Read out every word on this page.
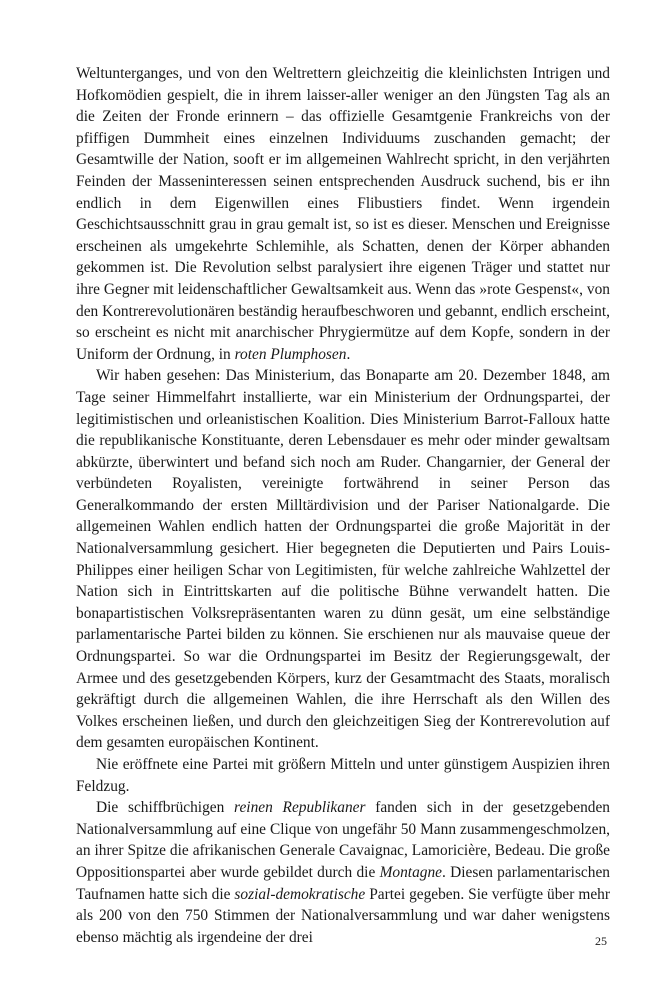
Weltunterganges, und von den Weltrettern gleichzeitig die kleinlichsten Intrigen und Hofkomödien gespielt, die in ihrem laisser-aller weniger an den Jüngsten Tag als an die Zeiten der Fronde erinnern – das offizielle Gesamtgenie Frankreichs von der pfiffigen Dummheit eines einzelnen Individuums zuschanden gemacht; der Gesamtwille der Nation, sooft er im allgemeinen Wahlrecht spricht, in den verjährten Feinden der Masseninteressen seinen entsprechenden Ausdruck suchend, bis er ihn endlich in dem Eigenwillen eines Flibustiers findet. Wenn irgendein Geschichtsausschnitt grau in grau gemalt ist, so ist es dieser. Menschen und Ereignisse erscheinen als umgekehrte Schlemihle, als Schatten, denen der Körper abhanden gekommen ist. Die Revolution selbst paralysiert ihre eigenen Träger und stattet nur ihre Gegner mit leidenschaftlicher Gewaltsamkeit aus. Wenn das »rote Gespenst«, von den Kontrerevolutionären beständig heraufbeschworen und gebannt, endlich erscheint, so erscheint es nicht mit anarchischer Phrygiermütze auf dem Kopfe, sondern in der Uniform der Ordnung, in roten Plumphosen.

Wir haben gesehen: Das Ministerium, das Bonaparte am 20. Dezember 1848, am Tage seiner Himmelfahrt installierte, war ein Ministerium der Ordnungspartei, der legitimistischen und orleanistischen Koalition. Dies Ministerium Barrot-Falloux hatte die republikanische Konstituante, deren Lebensdauer es mehr oder minder gewaltsam abkürzte, überwintert und befand sich noch am Ruder. Changarnier, der General der verbündeten Royalisten, vereinigte fortwährend in seiner Person das Generalkommando der ersten Milltärdivision und der Pariser Nationalgarde. Die allgemeinen Wahlen endlich hatten der Ordnungspartei die große Majorität in der Nationalversammlung gesichert. Hier begegneten die Deputierten und Pairs Louis-Philippes einer heiligen Schar von Legitimisten, für welche zahlreiche Wahlzettel der Nation sich in Eintrittskarten auf die politische Bühne verwandelt hatten. Die bonapartistischen Volksrepräsentanten waren zu dünn gesät, um eine selbständige parlamentarische Partei bilden zu können. Sie erschienen nur als mauvaise queue der Ordnungspartei. So war die Ordnungspartei im Besitz der Regierungsgewalt, der Armee und des gesetzgebenden Körpers, kurz der Gesamtmacht des Staats, moralisch gekräftigt durch die allgemeinen Wahlen, die ihre Herrschaft als den Willen des Volkes erscheinen ließen, und durch den gleichzeitigen Sieg der Kontrerevolution auf dem gesamten europäischen Kontinent.

Nie eröffnete eine Partei mit größern Mitteln und unter günstigem Auspizien ihren Feldzug.

Die schiffbrüchigen reinen Republikaner fanden sich in der gesetzgebenden Nationalversammlung auf eine Clique von ungefähr 50 Mann zusammengeschmolzen, an ihrer Spitze die afrikanischen Generale Cavaignac, Lamoricière, Bedeau. Die große Oppositionspartei aber wurde gebildet durch die Montagne. Diesen parlamentarischen Taufnamen hatte sich die sozial-demokratische Partei gegeben. Sie verfügte über mehr als 200 von den 750 Stimmen der Nationalversammlung und war daher wenigstens ebenso mächtig als irgendeine der drei	25
